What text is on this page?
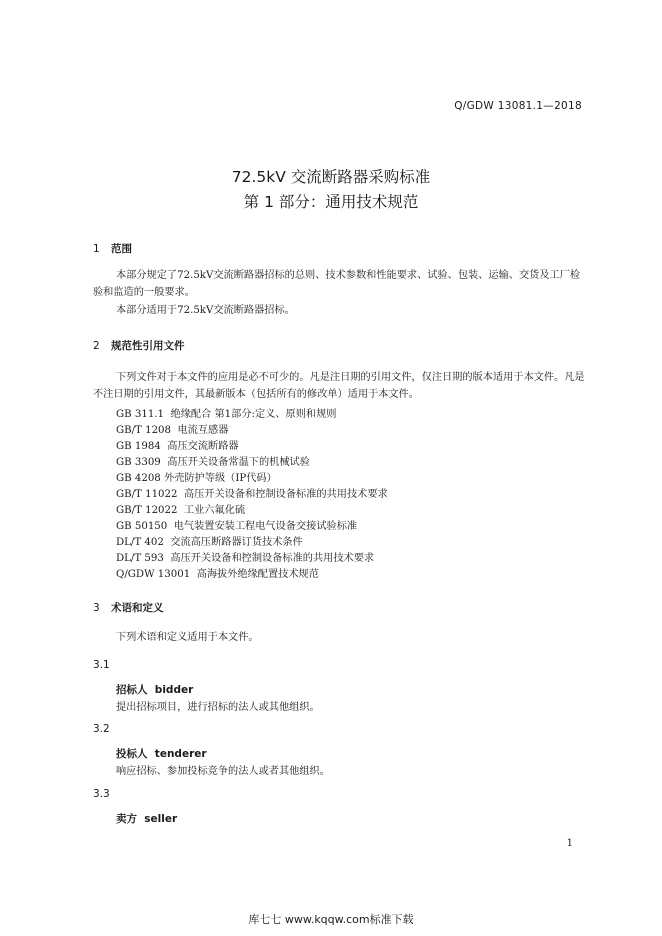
Q/GDW 13081.1—2018
72.5kV 交流断路器采购标准
第 1 部分：通用技术规范
1 范围
本部分规定了72.5kV交流断路器招标的总则、技术参数和性能要求、试验、包装、运输、交货及工厂检验和监造的一般要求。
本部分适用于72.5kV交流断路器招标。
2 规范性引用文件
下列文件对于本文件的应用是必不可少的。凡是注日期的引用文件，仅注日期的版本适用于本文件。凡是不注日期的引用文件，其最新版本（包括所有的修改单）适用于本文件。
GB 311.1  绝缘配合 第1部分:定义、原则和规则
GB/T 1208  电流互感器
GB 1984  高压交流断路器
GB 3309  高压开关设备常温下的机械试验
GB 4208 外壳防护等级（IP代码）
GB/T 11022  高压开关设备和控制设备标准的共用技术要求
GB/T 12022  工业六氟化硫
GB 50150  电气装置安装工程电气设备交接试验标准
DL/T 402  交流高压断路器订货技术条件
DL/T 593  高压开关设备和控制设备标准的共用技术要求
Q/GDW 13001  高海拔外绝缘配置技术规范
3 术语和定义
下列术语和定义适用于本文件。
3.1
招标人  bidder
提出招标项目，进行招标的法人或其他组织。
3.2
投标人  tenderer
响应招标、参加投标竞争的法人或者其他组织。
3.3
卖方  seller
1
库七七 www.kqqw.com标准下载
